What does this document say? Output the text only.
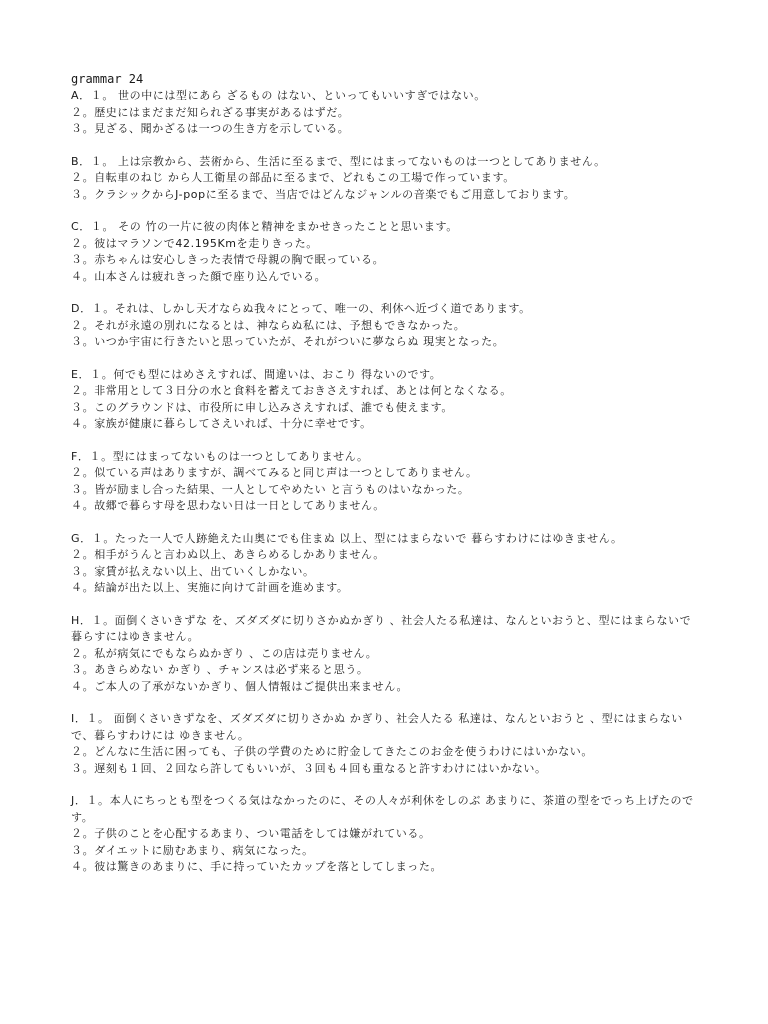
grammar 24
A．１。 世の中には型にあら ざるもの はない、といってもいいすぎではない。
２。歴史にはまだまだ知られざる事実があるはずだ。
３。見ざる、聞かざるは一つの生き方を示している。
B．１。 上は宗教から、芸術から、生活に至るまで、型にはまってないものは一つとしてありません。
２。自転車のねじ から人工衛星の部品に至るまで、どれもこの工場で作っています。
３。クラシックからJ-popに至るまで、当店ではどんなジャンルの音楽でもご用意しております。
C．１。 その 竹の一片に彼の肉体と精神をまかせきったことと思います。
２。彼はマラソンで42.195Kmを走りきった。
３。赤ちゃんは安心しきった表情で母親の胸で眠っている。
４。山本さんは疲れきった顔で座り込んでいる。
D．１。それは、しかし天才ならぬ我々にとって、唯一の、利休へ近づく道であります。
２。それが永遠の別れになるとは、神ならぬ私には、予想もできなかった。
３。いつか宇宙に行きたいと思っていたが、それがついに夢ならぬ 現実となった。
E．１。何でも型にはめさえすれば、間違いは、おこり 得ないのです。
２。非常用として３日分の水と食料を蓄えておきさえすれば、あとは何となくなる。
３。このグラウンドは、市役所に申し込みさえすれば、誰でも使えます。
４。家族が健康に暮らしてさえいれば、十分に幸せです。
F．１。型にはまってないものは一つとしてありません。
２。似ている声はありますが、調べてみると同じ声は一つとしてありません。
３。皆が励まし合った結果、一人としてやめたい と言うものはいなかった。
４。故郷で暮らす母を思わない日は一日としてありません。
G．１。たった一人で人跡絶えた山奥にでも住まぬ 以上、型にはまらないで 暮らすわけにはゆきません。
２。相手がうんと言わぬ以上、あきらめるしかありません。
３。家賃が払えない以上、出ていくしかない。
４。結論が出た以上、実施に向けて計画を進めます。
H．１。面倒くさいきずな を、ズダズダに切りさかぬかぎり 、社会人たる私達は、なんといおうと、型にはまらないで 暮らすにはゆきません。
２。私が病気にでもならぬかぎり 、この店は売りません。
３。あきらめない かぎり 、チャンスは必ず来ると思う。
４。ご本人の了承がないかぎり、個人情報はご提供出来ません。
I．１。 面倒くさいきずなを、ズダズダに切りさかぬ かぎり、社会人たる 私達は、なんといおうと 、型にはまらないで、暮らすわけには ゆきません。
２。どんなに生活に困っても、子供の学費のために貯金してきたこのお金を使うわけにはいかない。
３。遅刻も１回、２回なら許してもいいが、３回も４回も重なると許すわけにはいかない。
J．１。本人にちっとも型をつくる気はなかったのに、その人々が利休をしのぶ あまりに、茶道の型をでっち上げたのです。
２。子供のことを心配するあまり、つい電話をしては嫌がれている。
３。ダイエットに励むあまり、病気になった。
４。彼は驚きのあまりに、手に持っていたカップを落としてしまった。
